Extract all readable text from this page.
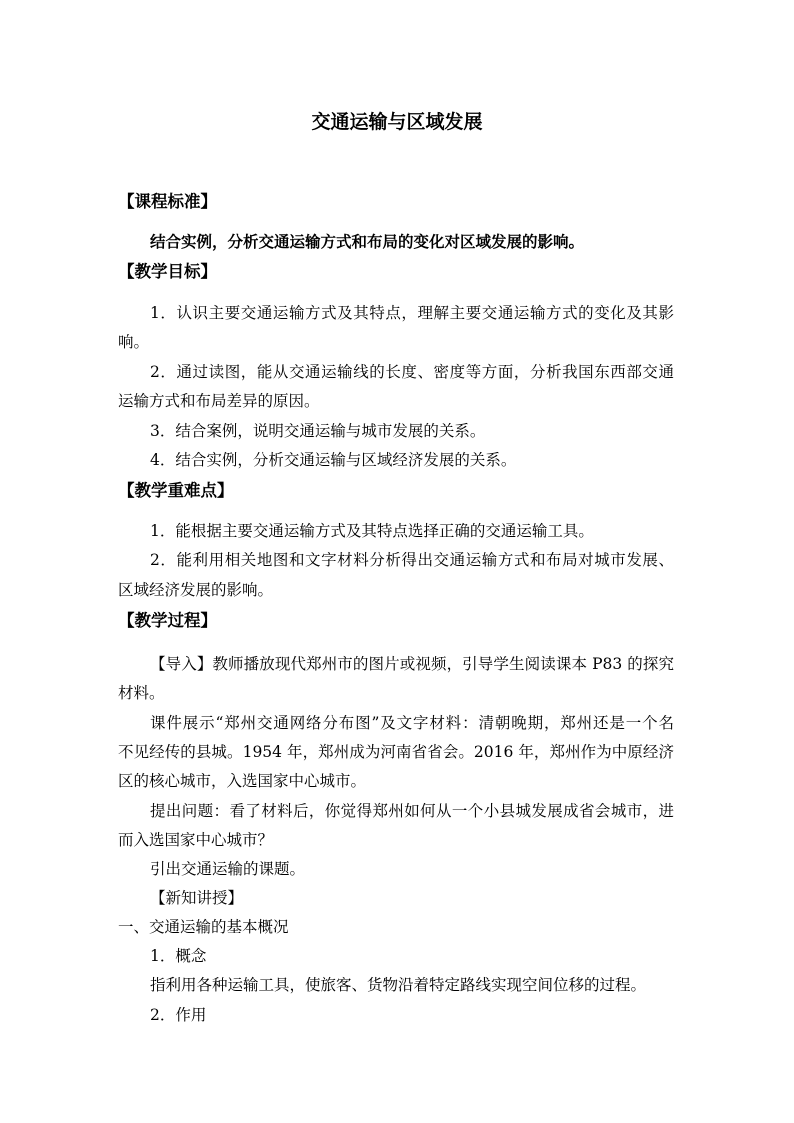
交通运输与区域发展
【课程标准】
结合实例，分析交通运输方式和布局的变化对区域发展的影响。
【教学目标】
1．认识主要交通运输方式及其特点，理解主要交通运输方式的变化及其影
响。
2．通过读图，能从交通运输线的长度、密度等方面，分析我国东西部交通
运输方式和布局差异的原因。
3．结合案例，说明交通运输与城市发展的关系。
4．结合实例，分析交通运输与区域经济发展的关系。
【教学重难点】
1．能根据主要交通运输方式及其特点选择正确的交通运输工具。
2．能利用相关地图和文字材料分析得出交通运输方式和布局对城市发展、
区域经济发展的影响。
【教学过程】
【导入】教师播放现代郑州市的图片或视频，引导学生阅读课本 P83 的探究
材料。
课件展示“郑州交通网络分布图”及文字材料：清朝晚期，郑州还是一个名
不见经传的县城。1954 年，郑州成为河南省省会。2016 年，郑州作为中原经济
区的核心城市，入选国家中心城市。
提出问题：看了材料后，你觉得郑州如何从一个小县城发展成省会城市，进
而入选国家中心城市？
引出交通运输的课题。
【新知讲授】
一、交通运输的基本概况
1．概念
指利用各种运输工具，使旅客、货物沿着特定路线实现空间位移的过程。
2．作用
